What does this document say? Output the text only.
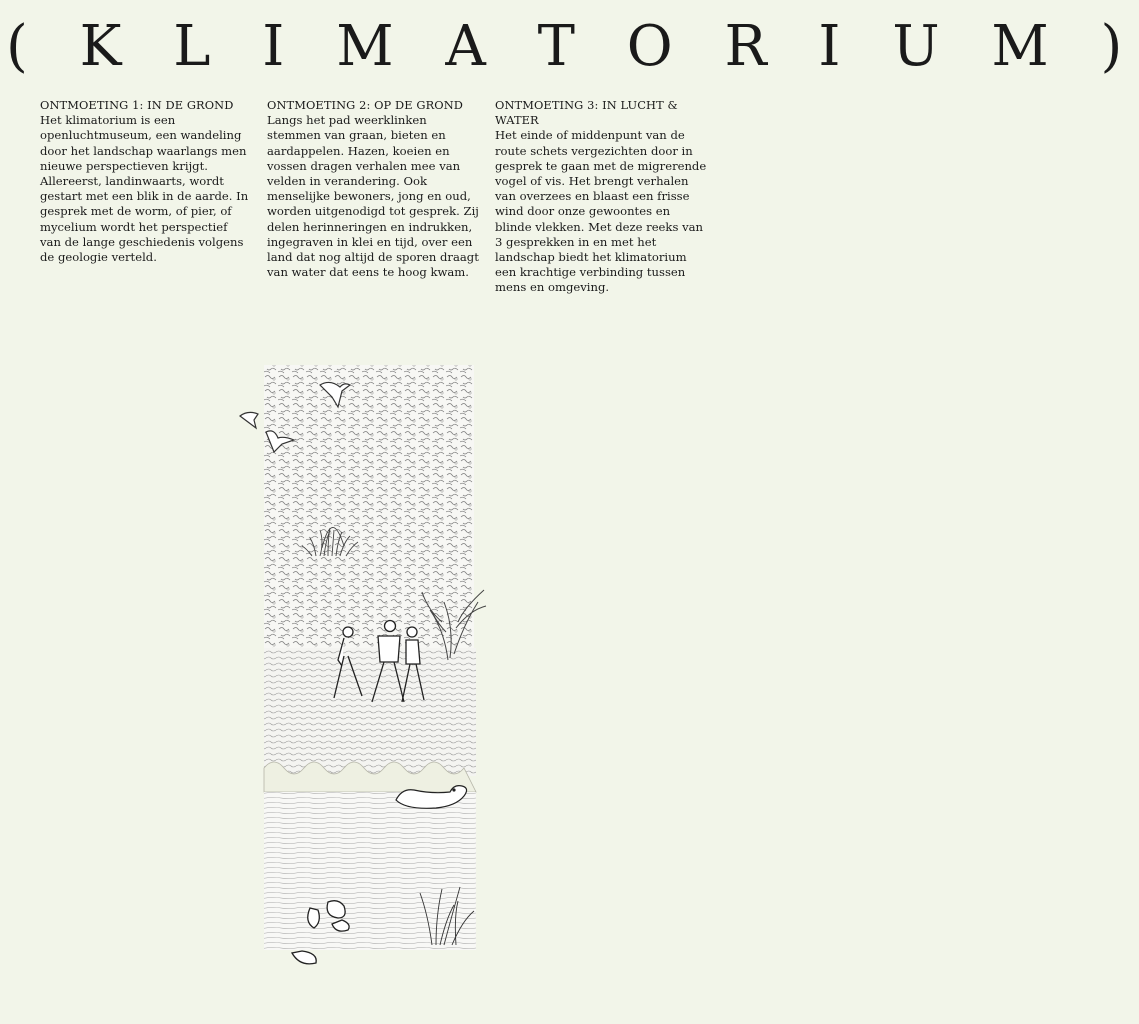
( K L I M A T O R I U M )
ONTMOETING 1: IN DE GROND

Het klimatorium is een openluchtmuseum, een wandeling door het landschap waarlangs men nieuwe perspectieven krijgt. Allereerst, landinwaarts, wordt gestart met een blik in de aarde. In gesprek met de worm, of pier, of mycelium wordt het perspectief van de lange geschiedenis volgens de geologie verteld.

ONTMOETING 2: OP DE GROND

Langs het pad weerklinken stemmen van graan, bieten en aardappelen. Hazen, koeien en vossen dragen verhalen mee van velden in verandering. Ook menselijke bewoners, jong en oud, worden uitgenodigd tot gesprek. Zij delen herinneringen en indrukken, ingegraven in klei en tijd, over een land dat nog altijd de sporen draagt van water dat eens te hoog kwam.

ONTMOETING 3: IN LUCHT & WATER

Het einde of middenpunt van de route schets vergezichten door in gesprek te gaan met de migrerende vogel of vis. Het brengt verhalen van overzees en blaast een frisse wind door onze gewoontes en blinde vlekken. Met deze reeks van 3 gesprekken in en met het landschap biedt het klimatorium een krachtige verbinding tussen mens en omgeving.
